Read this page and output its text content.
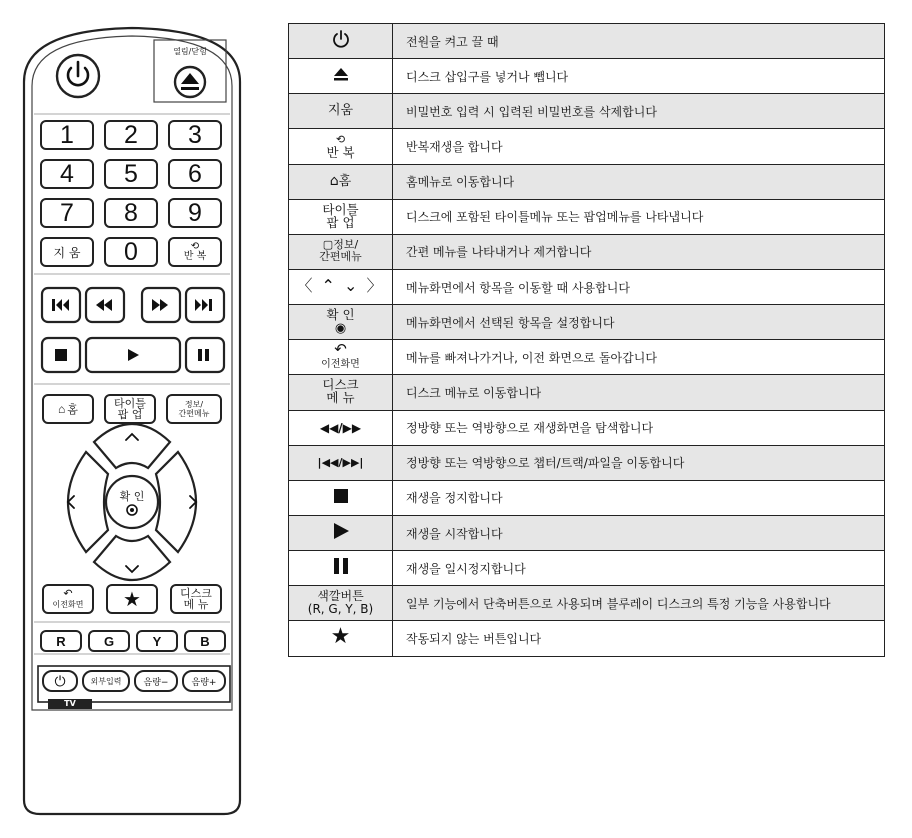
열림/닫힘
1	2	3
4	5	6
7	8	9
지 움	0	⟲
반 복
⌂ 홈	타이틀
팝 업
정보/
간편메뉴
확 인
↶
이전화면 ★	디스크
메 뉴
R	G	Y	B
⏻	외부입력	음량−	음량+
TV
	전원을 켜고 끌 때
	디스크 삽입구를 넣거나 뺍니다
지움	비밀번호 입력 시 입력된 비밀번호를 삭제합니다
⟲
반 복	반복재생을 합니다
⌂홈	홈메뉴로 이동합니다
타이틀
팝 업	디스크에 포함된 타이틀메뉴 또는 팝업메뉴를 나타냅니다
▢정보/
간편메뉴	간편 메뉴를 나타내거나 제거합니다
〈 ⌃ ⌄ 〉	메뉴화면에서 항목을 이동할 때 사용합니다
확 인
◉	메뉴화면에서 선택된 항목을 설정합니다
↶
이전화면	메뉴를 빠져나가거나, 이전 화면으로 돌아갑니다
디스크
메 뉴	디스크 메뉴로 이동합니다
◀◀/▶▶	정방향 또는 역방향으로 재생화면을 탐색합니다
|◀◀/▶▶|	정방향 또는 역방향으로 챕터/트랙/파일을 이동합니다
	재생을 정지합니다
	재생을 시작합니다
	재생을 일시정지합니다
색깔버튼
(R, G, Y, B)	일부 기능에서 단축버튼으로 사용되며 블루레이 디스크의 특정 기능을 사용합니다
★	작동되지 않는 버튼입니다
